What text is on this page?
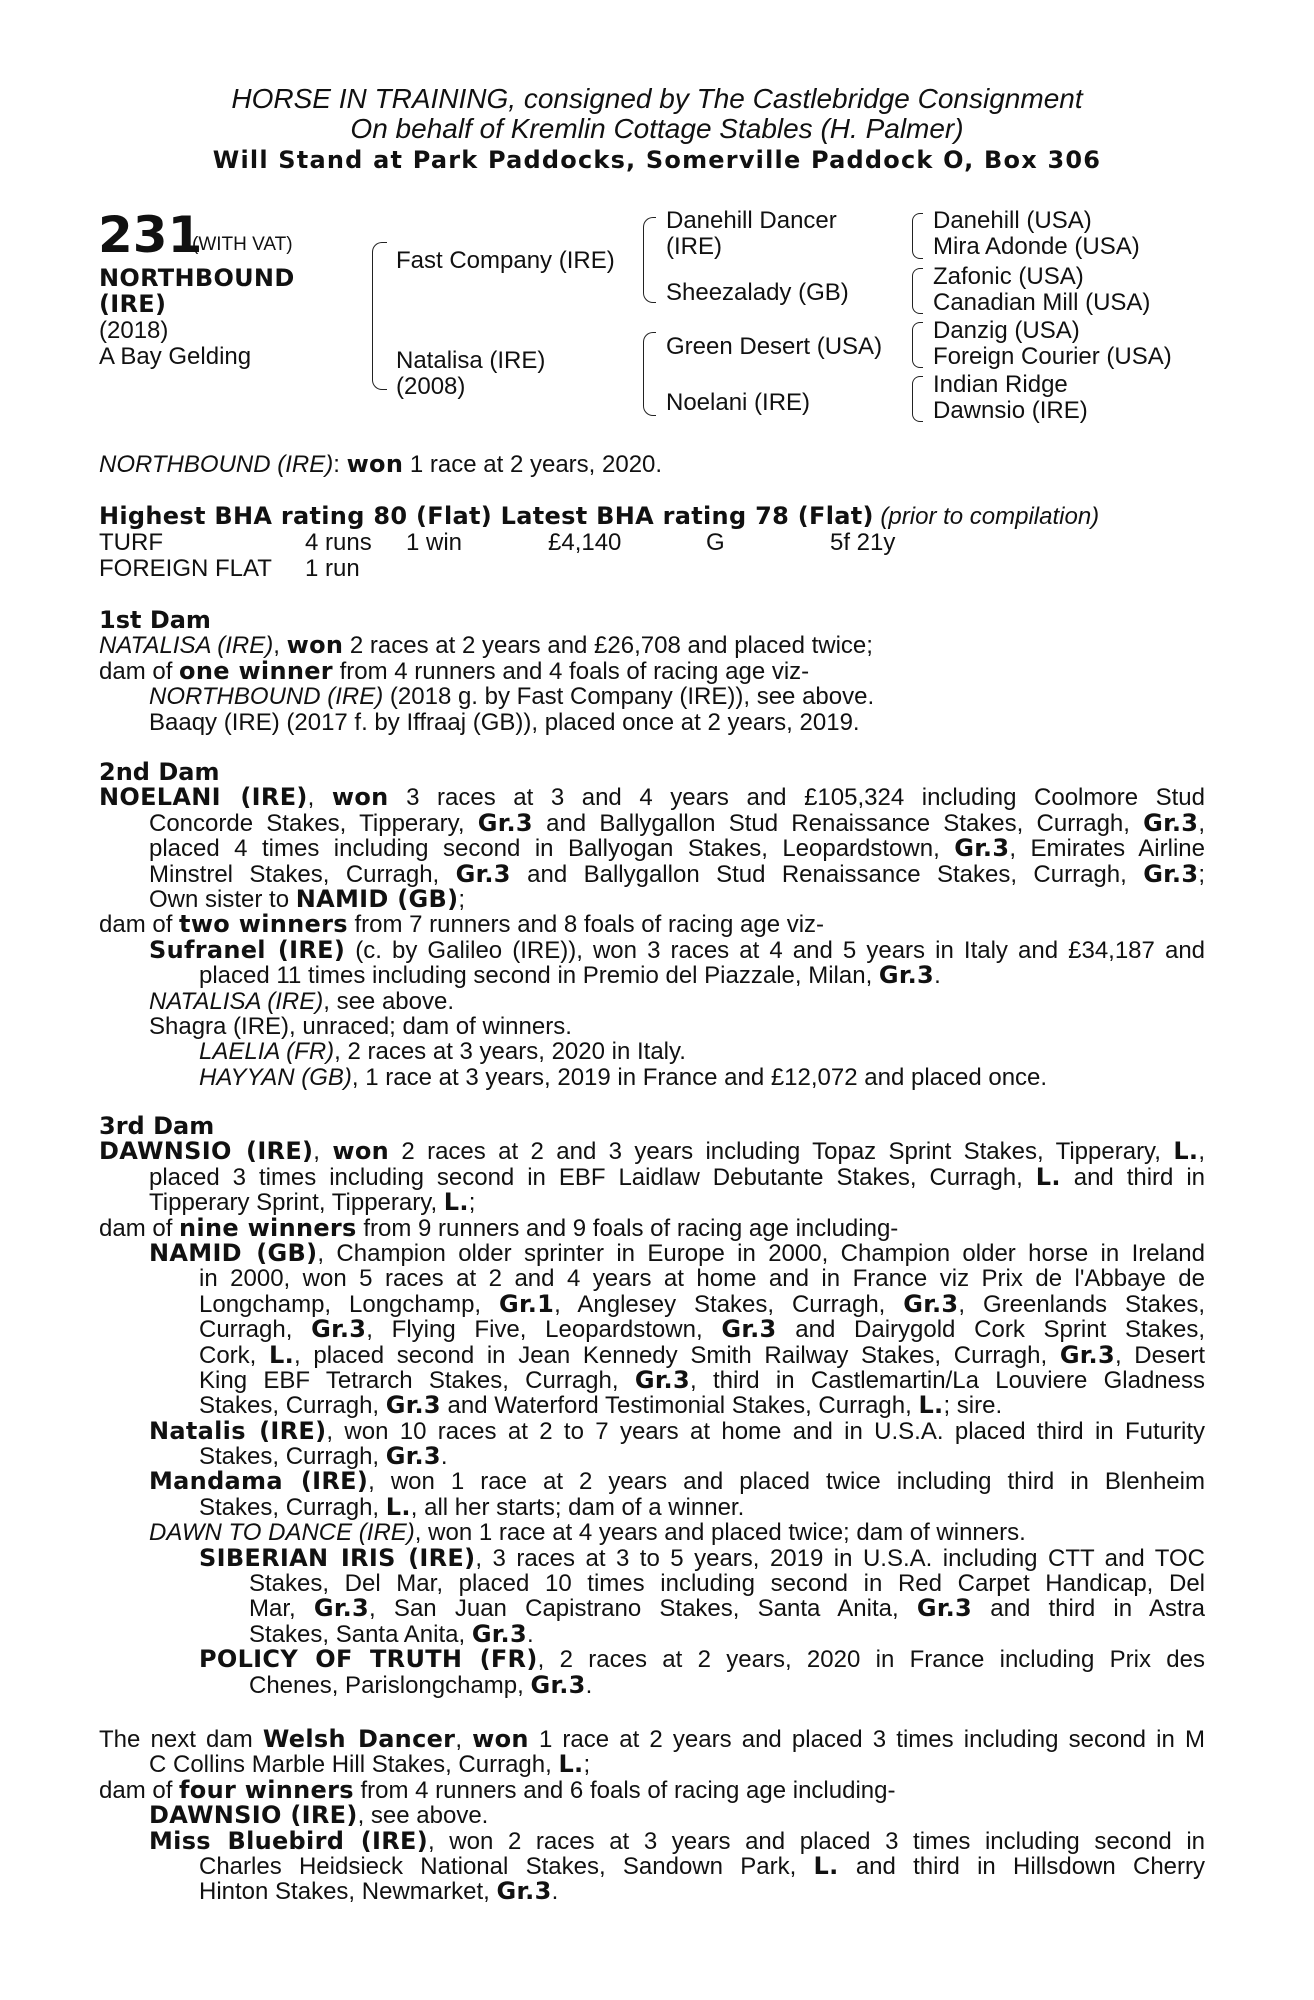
HORSE IN TRAINING, consigned by The Castlebridge Consignment
On behalf of Kremlin Cottage Stables (H. Palmer)
Will Stand at Park Paddocks, Somerville Paddock O, Box 306
231
(WITH VAT)
NORTHBOUND
(IRE)
(2018)
A Bay Gelding
Fast Company (IRE)
Natalisa (IRE)
(2008)
Danehill Dancer
(IRE)
Sheezalady (GB)
Green Desert (USA)
Noelani (IRE)
Danehill (USA)
Mira Adonde (USA)
Zafonic (USA)
Canadian Mill (USA)
Danzig (USA)
Foreign Courier (USA)
Indian Ridge
Dawnsio (IRE)
NORTHBOUND (IRE): won 1 race at 2 years, 2020.
Highest BHA rating 80 (Flat) Latest BHA rating 78 (Flat) (prior to compilation)
TURF	4 runs 1 win	£4,140	G	5f 21y
FOREIGN FLAT 1 run
1st Dam
NATALISA (IRE), won 2 races at 2 years and £26,708 and placed twice;
dam of one winner from 4 runners and 4 foals of racing age viz-
NORTHBOUND (IRE) (2018 g. by Fast Company (IRE)), see above.
Baaqy (IRE) (2017 f. by Iffraaj (GB)), placed once at 2 years, 2019.
2nd Dam
NOELANI (IRE), won 3 races at 3 and 4 years and £105,324 including Coolmore Stud
Concorde Stakes, Tipperary, Gr.3 and Ballygallon Stud Renaissance Stakes, Curragh, Gr.3,
placed 4 times including second in Ballyogan Stakes, Leopardstown, Gr.3, Emirates Airline
Minstrel Stakes, Curragh, Gr.3 and Ballygallon Stud Renaissance Stakes, Curragh, Gr.3;
Own sister to NAMID (GB);
dam of two winners from 7 runners and 8 foals of racing age viz-
Sufranel (IRE) (c. by Galileo (IRE)), won 3 races at 4 and 5 years in Italy and £34,187 and
placed 11 times including second in Premio del Piazzale, Milan, Gr.3.
NATALISA (IRE), see above.
Shagra (IRE), unraced; dam of winners.
LAELIA (FR), 2 races at 3 years, 2020 in Italy.
HAYYAN (GB), 1 race at 3 years, 2019 in France and £12,072 and placed once.
3rd Dam
DAWNSIO (IRE), won 2 races at 2 and 3 years including Topaz Sprint Stakes, Tipperary, L.,
placed 3 times including second in EBF Laidlaw Debutante Stakes, Curragh, L. and third in
Tipperary Sprint, Tipperary, L.;
dam of nine winners from 9 runners and 9 foals of racing age including-
NAMID (GB), Champion older sprinter in Europe in 2000, Champion older horse in Ireland
in 2000, won 5 races at 2 and 4 years at home and in France viz Prix de l'Abbaye de
Longchamp, Longchamp, Gr.1, Anglesey Stakes, Curragh, Gr.3, Greenlands Stakes,
Curragh, Gr.3, Flying Five, Leopardstown, Gr.3 and Dairygold Cork Sprint Stakes,
Cork, L., placed second in Jean Kennedy Smith Railway Stakes, Curragh, Gr.3, Desert
King EBF Tetrarch Stakes, Curragh, Gr.3, third in Castlemartin/La Louviere Gladness
Stakes, Curragh, Gr.3 and Waterford Testimonial Stakes, Curragh, L.; sire.
Natalis (IRE), won 10 races at 2 to 7 years at home and in U.S.A. placed third in Futurity
Stakes, Curragh, Gr.3.
Mandama (IRE), won 1 race at 2 years and placed twice including third in Blenheim
Stakes, Curragh, L., all her starts; dam of a winner.
DAWN TO DANCE (IRE), won 1 race at 4 years and placed twice; dam of winners.
SIBERIAN IRIS (IRE), 3 races at 3 to 5 years, 2019 in U.S.A. including CTT and TOC
Stakes, Del Mar, placed 10 times including second in Red Carpet Handicap, Del
Mar, Gr.3, San Juan Capistrano Stakes, Santa Anita, Gr.3 and third in Astra
Stakes, Santa Anita, Gr.3.
POLICY OF TRUTH (FR), 2 races at 2 years, 2020 in France including Prix des
Chenes, Parislongchamp, Gr.3.
The next dam Welsh Dancer, won 1 race at 2 years and placed 3 times including second in M
C Collins Marble Hill Stakes, Curragh, L.;
dam of four winners from 4 runners and 6 foals of racing age including-
DAWNSIO (IRE), see above.
Miss Bluebird (IRE), won 2 races at 3 years and placed 3 times including second in
Charles Heidsieck National Stakes, Sandown Park, L. and third in Hillsdown Cherry
Hinton Stakes, Newmarket, Gr.3.
